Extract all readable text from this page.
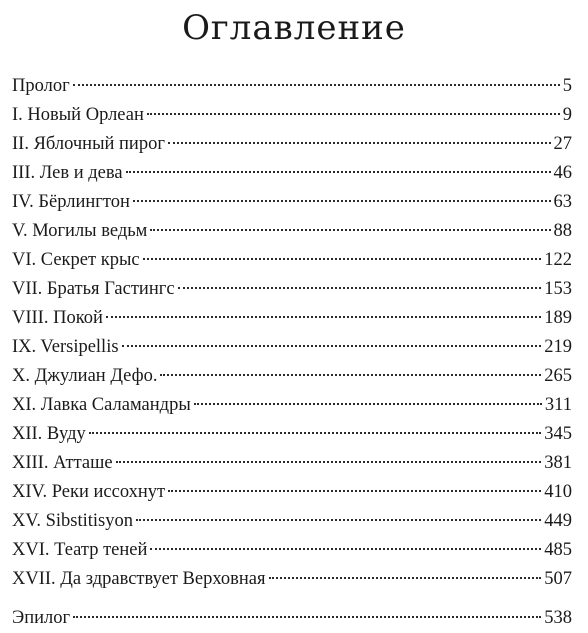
Оглавление
Пролог	5
I. Новый Орлеан	9
II. Яблочный пирог	27
III. Лев и дева	46
IV. Бёрлингтон	63
V. Могилы ведьм	88
VI. Секрет крыс	122
VII. Братья Гастингс	153
VIII. Покой	189
IX. Versipellis	219
X. Джулиан Дефо.	265
XI. Лавка Саламандры	311
XII. Вуду	345
XIII. Атташе	381
XIV. Реки иссохнут	410
XV. Sibstitisyon	449
XVI. Театр теней	485
XVII. Да здравствует Верховная	507
Эпилог	538
